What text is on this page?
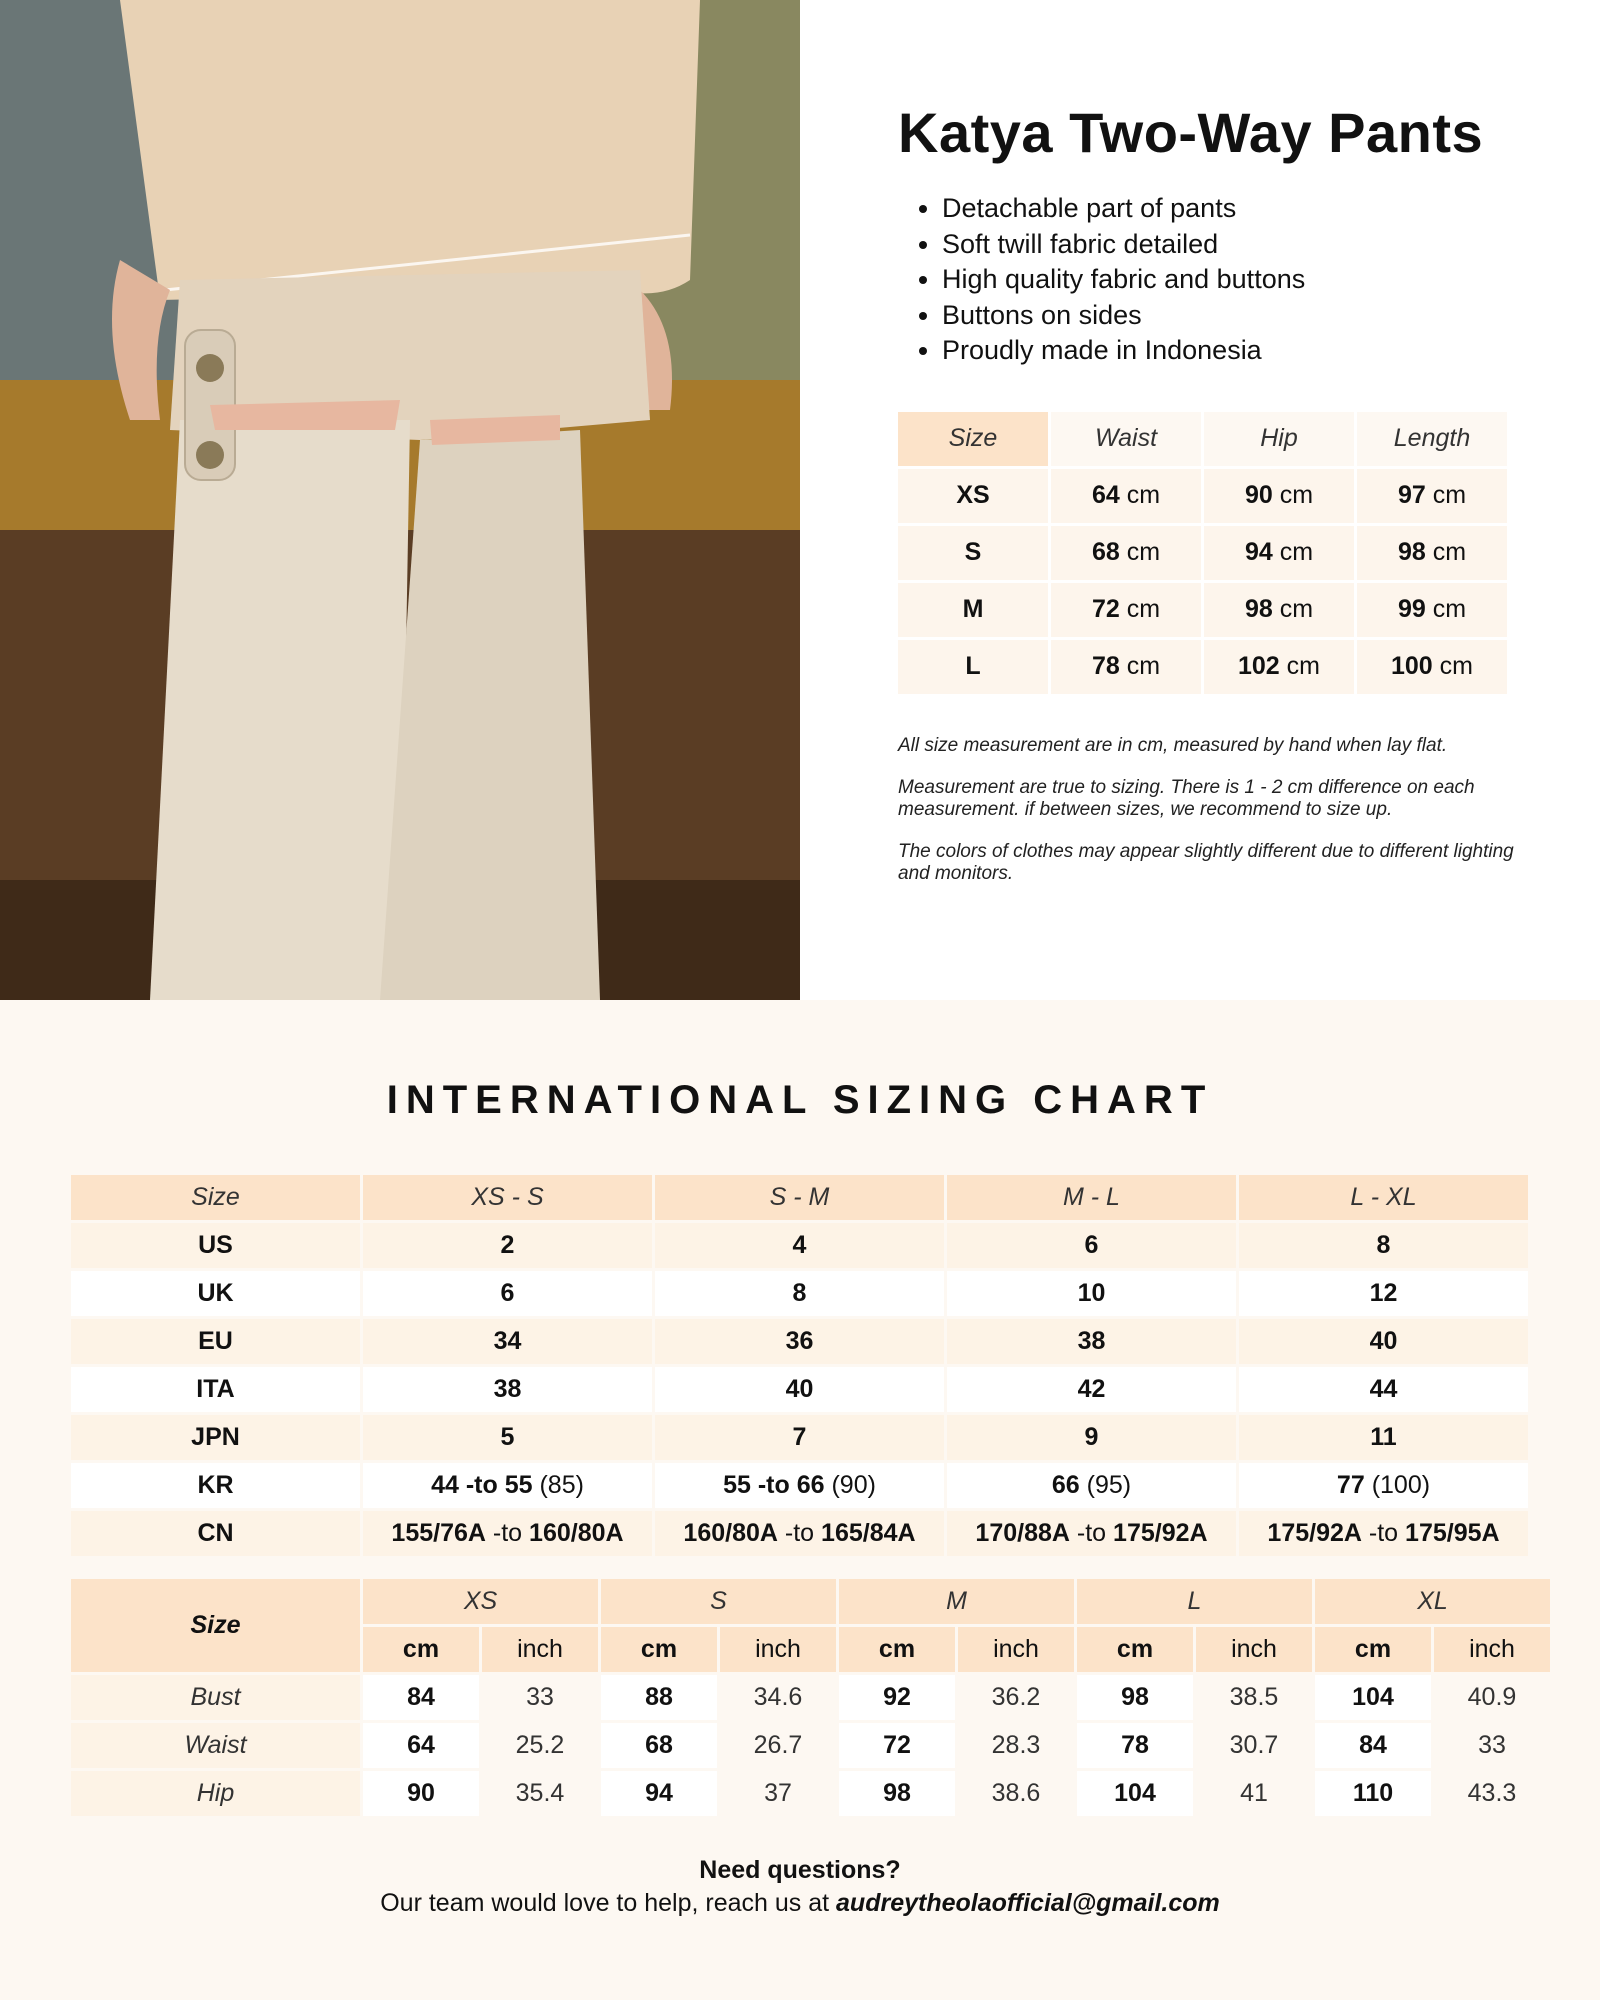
Katya Two-Way Pants
• Detachable part of pants
• Soft twill fabric detailed
• High quality fabric and buttons
• Buttons on sides
• Proudly made in Indonesia
Size	Waist	Hip	Length
XS	64 cm	90 cm	97 cm
S	68 cm	94 cm	98 cm
M	72 cm	98 cm	99 cm
L	78 cm	102 cm	100 cm

All size measurement are in cm, measured by hand when lay flat.

Measurement are true to sizing. There is 1 - 2 cm difference on each measurement. if between sizes, we recommend to size up.

The colors of clothes may appear slightly different due to different lighting and monitors.

INTERNATIONAL SIZING CHART
Size	XS - S	S - M	M - L	L - XL
US	2	4	6	8
UK	6	8	10	12
EU	34	36	38	40
ITA	38	40	42	44
JPN	5	7	9	11
KR	44 -to 55 (85)	55 -to 66 (90)	66 (95)	77 (100)
CN	155/76A -to 160/80A	160/80A -to 165/84A	170/88A -to 175/92A	175/92A -to 175/95A
Size	XS		S		M		L		XL	
	cm	inch	cm	inch	cm	inch	cm	inch	cm	inch
Bust	84	33	88	34.6	92	36.2	98	38.5	104	40.9
Waist	64	25.2	68	26.7	72	28.3	78	30.7	84	33
Hip	90	35.4	94	37	98	38.6	104	41	110	43.3
Need questions?
Our team would love to help, reach us at audreytheolaofficial@gmail.com
